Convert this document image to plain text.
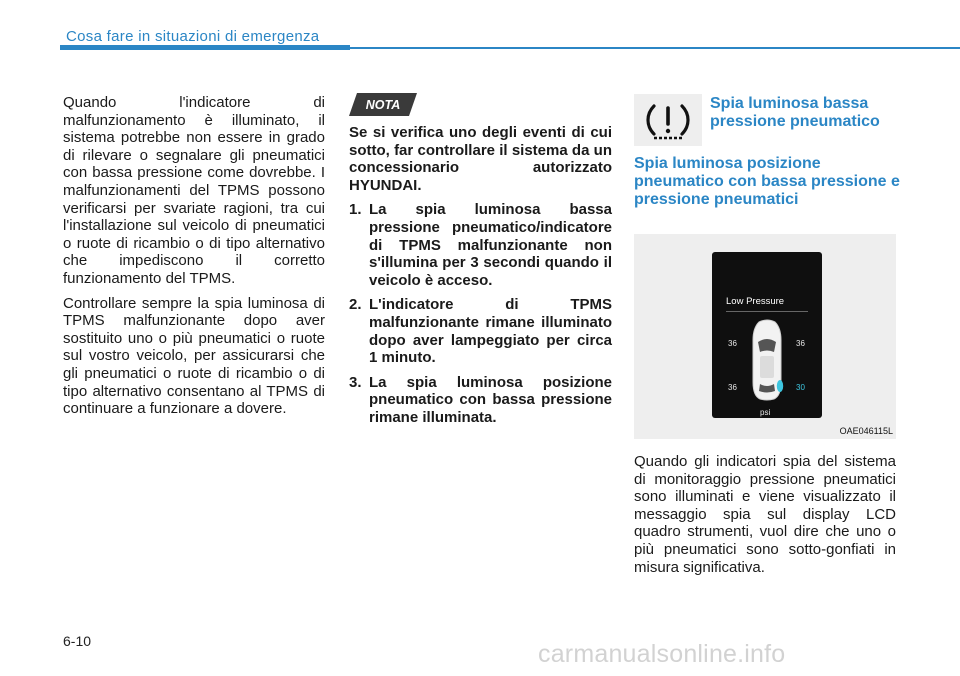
Cosa fare in situazioni di emergenza

Quando l'indicatore di malfunzionamento è illuminato, il sistema potrebbe non essere in grado di rilevare o segnalare gli pneumatici con bassa pressione come dovrebbe. I malfunzionamenti del TPMS possono verificarsi per svariate ragioni, tra cui l'installazione sul veicolo di pneumatici o ruote di ricambio o di tipo alternativo che impediscono il corretto funzionamento del TPMS.

Controllare sempre la spia luminosa di TPMS malfunzionante dopo aver sostituito uno o più pneumatici o ruote sul vostro veicolo, per assicurarsi che gli pneumatici o ruote di ricambio o di tipo alternativo consentano al TPMS di continuare a funzionare a dovere.

NOTA

Se si verifica uno degli eventi di cui sotto, far controllare il sistema da un concessionario autorizzato HYUNDAI.

1. La spia luminosa bassa pressione pneumatico/indicatore di TPMS malfunzionante non s'illumina per 3 secondi quando il veicolo è acceso.
2. L'indicatore di TPMS malfunzionante rimane illuminato dopo aver lampeggiato per circa 1 minuto.
3. La spia luminosa posizione pneumatico con bassa pressione rimane illuminata.
Spia luminosa bassa pressione pneumatico
Spia luminosa posizione pneumatico con bassa pressione e pressione pneumatici
Low Pressure
36	36
36	30
psi
OAE046115L

Quando gli indicatori spia del sistema di monitoraggio pressione pneumatici sono illuminati e viene visualizzato il messaggio spia sul display LCD quadro strumenti, vuol dire che uno o più pneumatici sono sotto-gonfiati in misura significativa.

6-10	carmanualsonline.info
